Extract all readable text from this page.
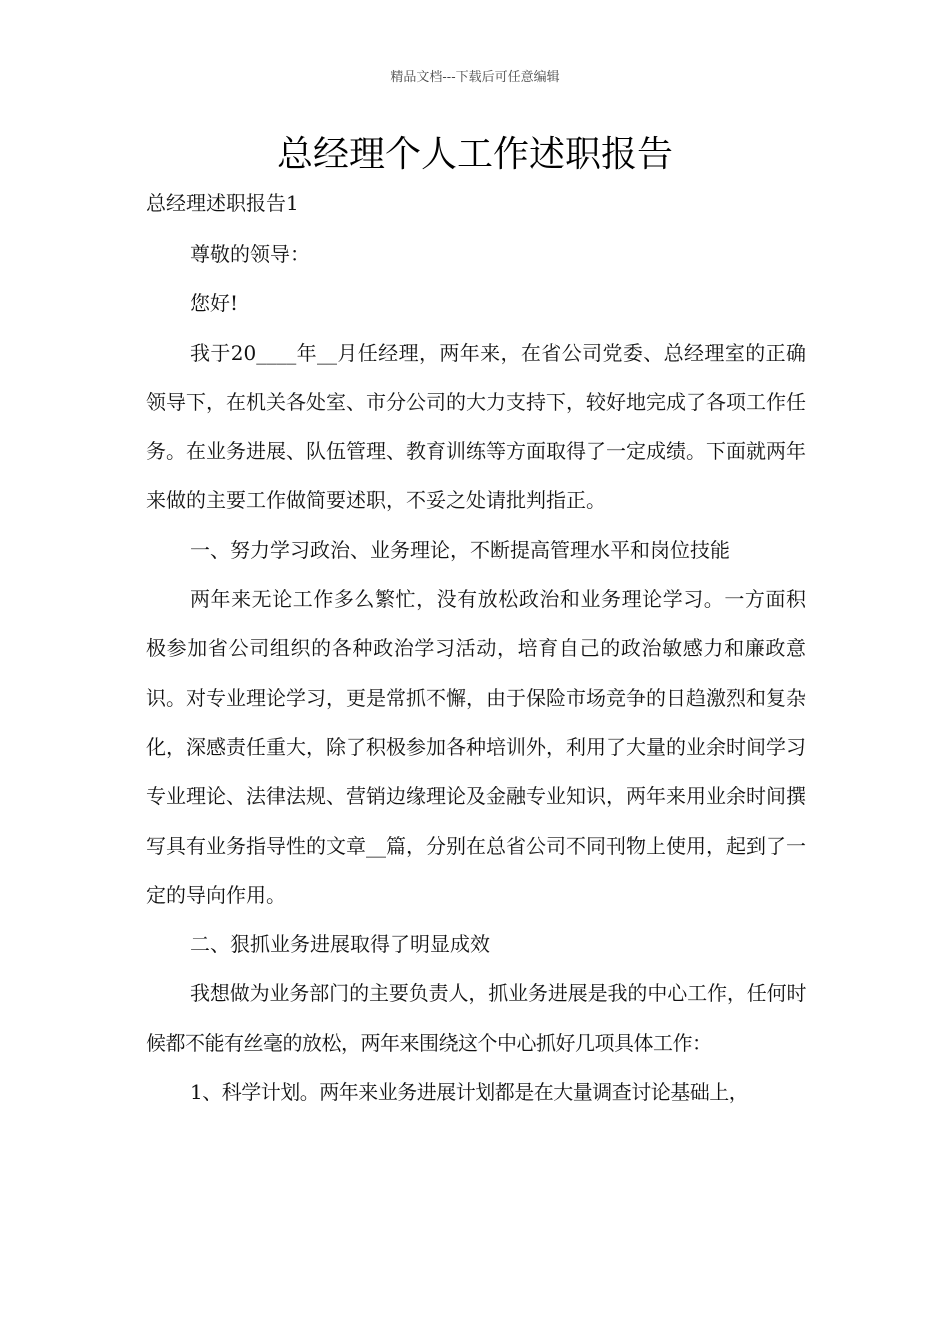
精品文档---下载后可任意编辑
总经理个人工作述职报告
总经理述职报告1

尊敬的领导：

您好!

我于20____年__月任经理，两年来，在省公司党委、总经理室的正确领导下，在机关各处室、市分公司的大力支持下，较好地完成了各项工作任务。在业务进展、队伍管理、教育训练等方面取得了一定成绩。下面就两年来做的主要工作做简要述职，不妥之处请批判指正。

一、努力学习政治、业务理论，不断提高管理水平和岗位技能

两年来无论工作多么繁忙，没有放松政治和业务理论学习。一方面积极参加省公司组织的各种政治学习活动，培育自己的政治敏感力和廉政意识。对专业理论学习，更是常抓不懈，由于保险市场竞争的日趋激烈和复杂化，深感责任重大，除了积极参加各种培训外，利用了大量的业余时间学习专业理论、法律法规、营销边缘理论及金融专业知识，两年来用业余时间撰写具有业务指导性的文章__篇，分别在总省公司不同刊物上使用，起到了一定的导向作用。

二、狠抓业务进展取得了明显成效

我想做为业务部门的主要负责人，抓业务进展是我的中心工作，任何时候都不能有丝毫的放松，两年来围绕这个中心抓好几项具体工作：

1、科学计划。两年来业务进展计划都是在大量调查讨论基础上，
